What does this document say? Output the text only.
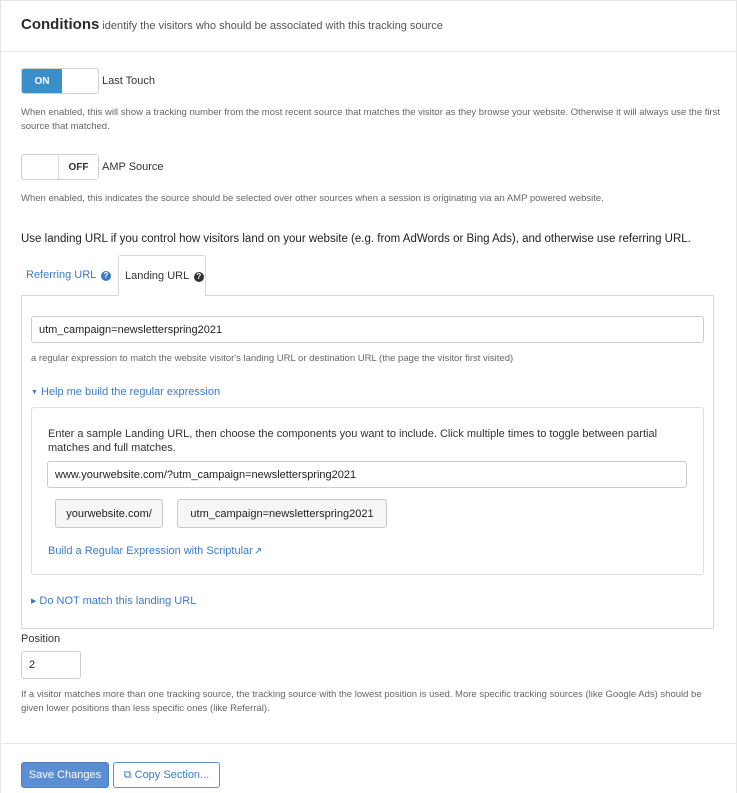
Conditions identify the visitors who should be associated with this tracking source
ON	Last Touch
When enabled, this will show a tracking number from the most recent source that matches the visitor as they browse your website. Otherwise it will always use the first source that matched.
OFF	AMP Source
When enabled, this indicates the source should be selected over other sources when a session is originating via an AMP powered website.
Use landing URL if you control how visitors land on your website (e.g. from AdWords or Bing Ads), and otherwise use referring URL.
Referring URL ?	Landing URL ?
utm_campaign=newsletterspring2021
a regular expression to match the website visitor's landing URL or destination URL (the page the visitor first visited)
▼ Help me build the regular expression
Enter a sample Landing URL, then choose the components you want to include. Click multiple times to toggle between partial matches and full matches.
www.yourwebsite.com/?utm_campaign=newsletterspring2021
yourwebsite.com/	utm_campaign=newsletterspring2021
Build a Regular Expression with Scriptular↗
▶ Do NOT match this landing URL
Position
2
If a visitor matches more than one tracking source, the tracking source with the lowest position is used. More specific tracking sources (like Google Ads) should be given lower positions than less specific ones (like Referral).
Save Changes ⧉ Copy Section...
